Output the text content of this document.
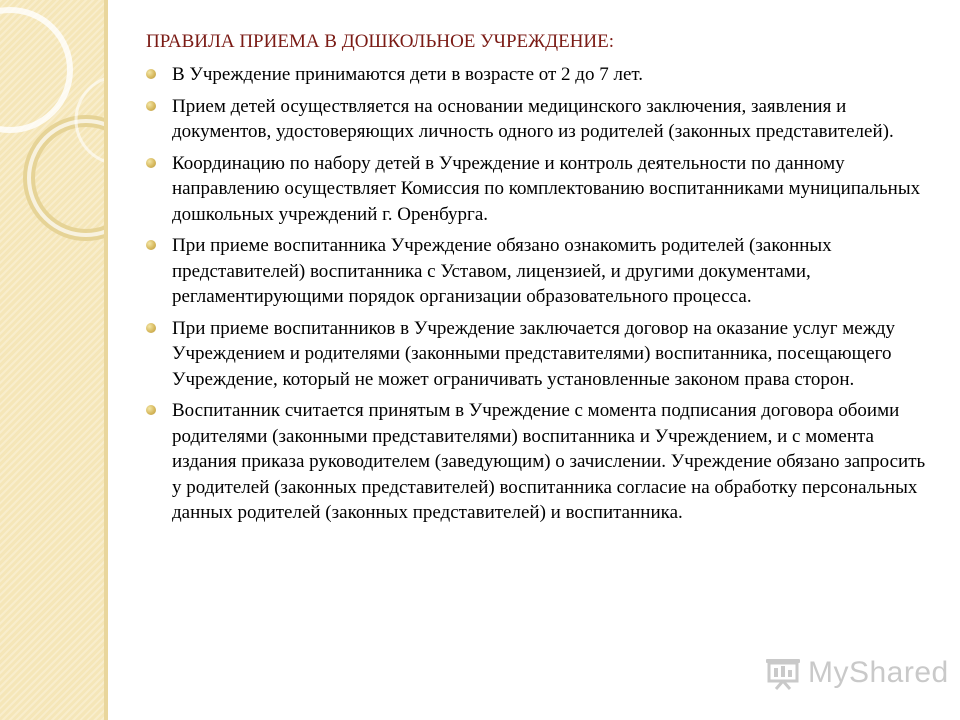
ПРАВИЛА ПРИЕМА В ДОШКОЛЬНОЕ УЧРЕЖДЕНИЕ:
В Учреждение принимаются дети в возрасте от 2 до 7 лет.
Прием детей осуществляется на основании медицинского заключения, заявления и документов, удостоверяющих личность одного из родителей (законных представителей).
Координацию по набору детей в Учреждение и контроль деятельности по данному направлению осуществляет Комиссия по комплектованию воспитанниками муниципальных дошкольных учреждений г. Оренбурга.
При приеме воспитанника Учреждение обязано ознакомить родителей (законных представителей) воспитанника с Уставом, лицензией, и другими документами, регламентирующими порядок организации образовательного процесса.
При приеме воспитанников в Учреждение заключается договор на оказание услуг между Учреждением и родителями (законными представителями) воспитанника, посещающего Учреждение, который не может ограничивать установленные законом права сторон.
Воспитанник считается принятым в Учреждение с момента подписания договора обоими родителями (законными представителями) воспитанника и Учреждением, и с момента издания приказа руководителем (заведующим) о зачислении. Учреждение обязано запросить у родителей (законных представителей) воспитанника согласие на обработку персональных данных родителей (законных представителей) и воспитанника.
MyShared
